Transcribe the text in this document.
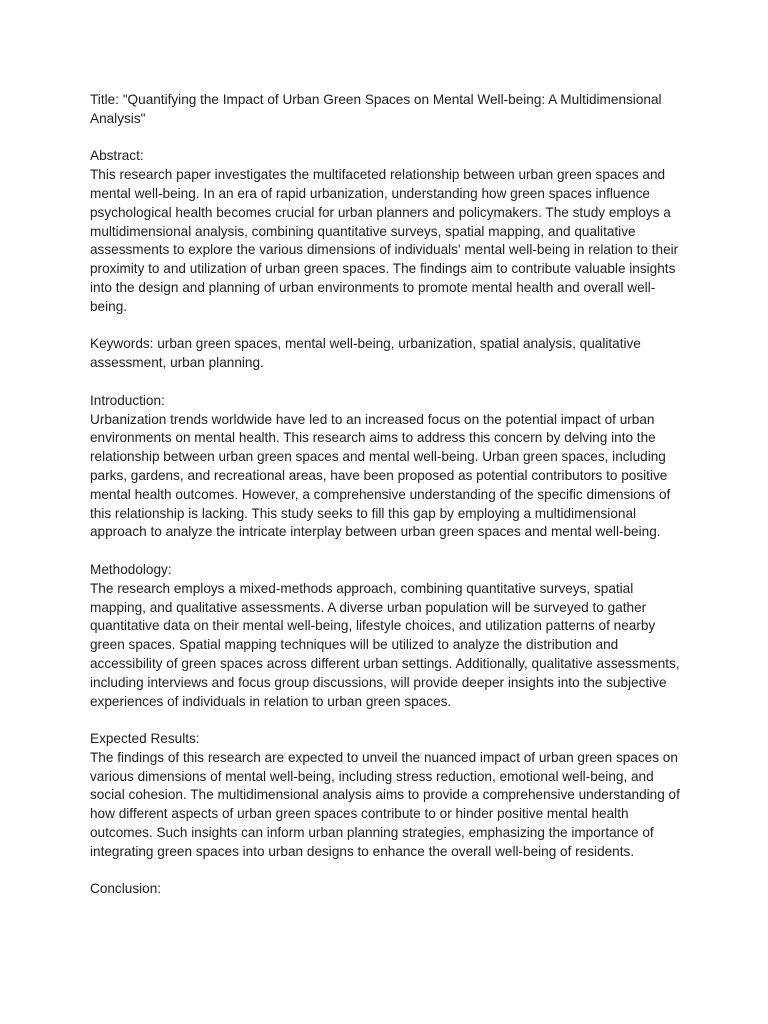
Title: "Quantifying the Impact of Urban Green Spaces on Mental Well-being: A Multidimensional Analysis"

Abstract:
This research paper investigates the multifaceted relationship between urban green spaces and mental well-being. In an era of rapid urbanization, understanding how green spaces influence psychological health becomes crucial for urban planners and policymakers. The study employs a multidimensional analysis, combining quantitative surveys, spatial mapping, and qualitative assessments to explore the various dimensions of individuals' mental well-being in relation to their proximity to and utilization of urban green spaces. The findings aim to contribute valuable insights into the design and planning of urban environments to promote mental health and overall well-being.

Keywords: urban green spaces, mental well-being, urbanization, spatial analysis, qualitative assessment, urban planning.

Introduction:
Urbanization trends worldwide have led to an increased focus on the potential impact of urban environments on mental health. This research aims to address this concern by delving into the relationship between urban green spaces and mental well-being. Urban green spaces, including parks, gardens, and recreational areas, have been proposed as potential contributors to positive mental health outcomes. However, a comprehensive understanding of the specific dimensions of this relationship is lacking. This study seeks to fill this gap by employing a multidimensional approach to analyze the intricate interplay between urban green spaces and mental well-being.
Methodology:
The research employs a mixed-methods approach, combining quantitative surveys, spatial mapping, and qualitative assessments. A diverse urban population will be surveyed to gather quantitative data on their mental well-being, lifestyle choices, and utilization patterns of nearby green spaces. Spatial mapping techniques will be utilized to analyze the distribution and accessibility of green spaces across different urban settings. Additionally, qualitative assessments, including interviews and focus group discussions, will provide deeper insights into the subjective experiences of individuals in relation to urban green spaces.
Expected Results:
The findings of this research are expected to unveil the nuanced impact of urban green spaces on various dimensions of mental well-being, including stress reduction, emotional well-being, and social cohesion. The multidimensional analysis aims to provide a comprehensive understanding of how different aspects of urban green spaces contribute to or hinder positive mental health outcomes. Such insights can inform urban planning strategies, emphasizing the importance of integrating green spaces into urban designs to enhance the overall well-being of residents.
Conclusion:
